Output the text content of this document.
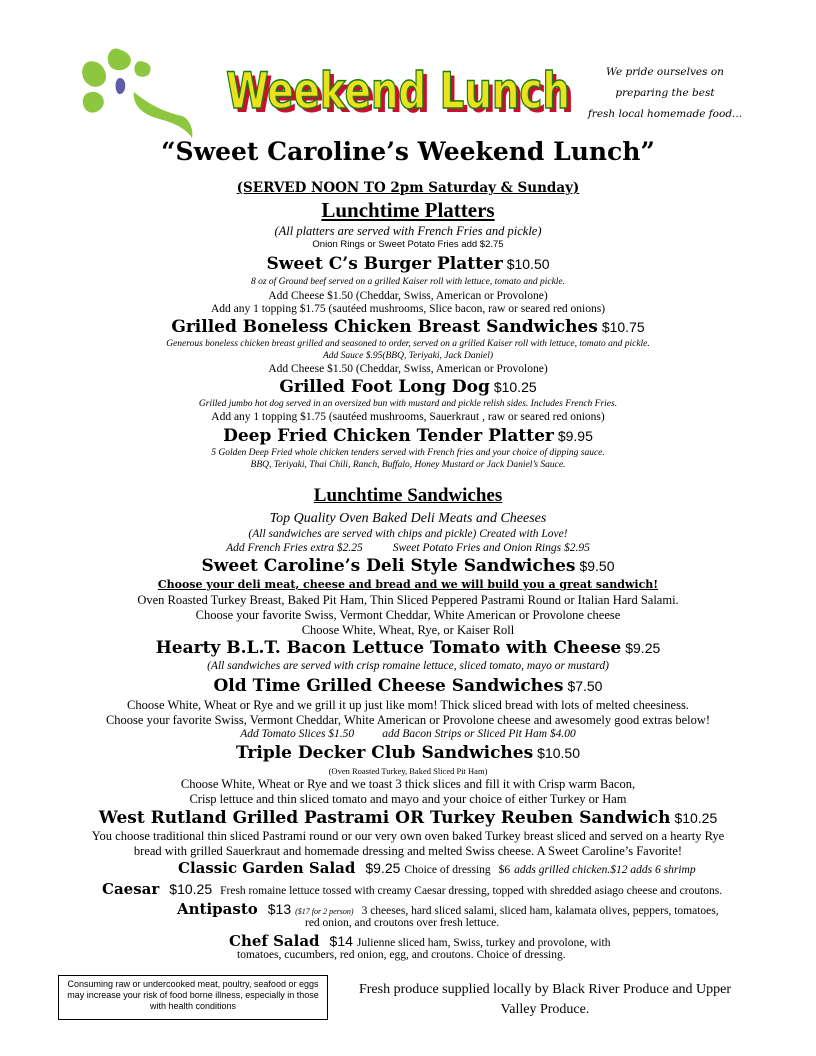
Weekend Lunch
Weekend Lunch	We pride ourselves on
preparing the best
fresh local homemade food...
“Sweet Caroline’s Weekend Lunch”
(SERVED NOON TO 2pm Saturday & Sunday)
Lunchtime Platters
(All platters are served with French Fries and pickle)
Onion Rings or Sweet Potato Fries add $2.75
Sweet C’s Burger Platter $10.50
8 oz of Ground beef served on a grilled Kaiser roll with lettuce, tomato and pickle.
Add Cheese $1.50 (Cheddar, Swiss, American or Provolone)
Add any 1 topping $1.75 (sautéed mushrooms, Slice bacon, raw or seared red onions)
Grilled Boneless Chicken Breast Sandwiches $10.75
Generous boneless chicken breast grilled and seasoned to order, served on a grilled Kaiser roll with lettuce, tomato and pickle.
Add Sauce $.95(BBQ, Teriyaki, Jack Daniel)
Add Cheese $1.50 (Cheddar, Swiss, American or Provolone)
Grilled Foot Long Dog $10.25
Grilled jumbo hot dog served in an oversized bun with mustard and pickle relish sides. Includes French Fries.
Add any 1 topping $1.75 (sautéed mushrooms, Sauerkraut , raw or seared red onions)
Deep Fried Chicken Tender Platter $9.95
5 Golden Deep Fried whole chicken tenders served with French fries and your choice of dipping sauce.
BBQ, Teriyaki, Thai Chili, Ranch, Buffalo, Honey Mustard or Jack Daniel’s Sauce.
Lunchtime Sandwiches
Top Quality Oven Baked Deli Meats and Cheeses
(All sandwiches are served with chips and pickle) Created with Love!
Add French Fries extra $2.25	Sweet Potato Fries and Onion Rings $2.95
Sweet Caroline’s Deli Style Sandwiches $9.50
Choose your deli meat, cheese and bread and we will build you a great sandwich!
Oven Roasted Turkey Breast, Baked Pit Ham, Thin Sliced Peppered Pastrami Round or Italian Hard Salami.
Choose your favorite Swiss, Vermont Cheddar, White American or Provolone cheese
Choose White, Wheat, Rye, or Kaiser Roll
Hearty B.L.T. Bacon Lettuce Tomato with Cheese $9.25
(All sandwiches are served with crisp romaine lettuce, sliced tomato, mayo or mustard)
Old Time Grilled Cheese Sandwiches $7.50
Choose White, Wheat or Rye and we grill it up just like mom! Thick sliced bread with lots of melted cheesiness.
Choose your favorite Swiss, Vermont Cheddar, White American or Provolone cheese and awesomely good extras below!
Add Tomato Slices $1.50 add Bacon Strips or Sliced Pit Ham $4.00
Triple Decker Club Sandwiches $10.50
(Oven Roasted Turkey, Baked Sliced Pit Ham)
Choose White, Wheat or Rye and we toast 3 thick slices and fill it with Crisp warm Bacon,
Crisp lettuce and thin sliced tomato and mayo and your choice of either Turkey or Ham
West Rutland Grilled Pastrami OR Turkey Reuben Sandwich $10.25
You choose traditional thin sliced Pastrami round or our very own oven baked Turkey breast sliced and served on a hearty Rye
bread with grilled Sauerkraut and homemade dressing and melted Swiss cheese. A Sweet Caroline’s Favorite!
Classic Garden Salad $9.25 Choice of dressing $6 adds grilled chicken.$12 adds 6 shrimp
Caesar $10.25 Fresh romaine lettuce tossed with creamy Caesar dressing, topped with shredded asiago cheese and croutons.
Antipasto $13 ($17 for 2 person) 3 cheeses, hard sliced salami, sliced ham, kalamata olives, peppers, tomatoes,
red onion, and croutons over fresh lettuce.
Chef Salad $14 Julienne sliced ham, Swiss, turkey and provolone, with
tomatoes, cucumbers, red onion, egg, and croutons. Choice of dressing.
Consuming raw or undercooked meat, poultry, seafood or eggs may increase your risk of food borne illness, especially in those with health conditions
Fresh produce supplied locally by Black River Produce and Upper Valley Produce.
